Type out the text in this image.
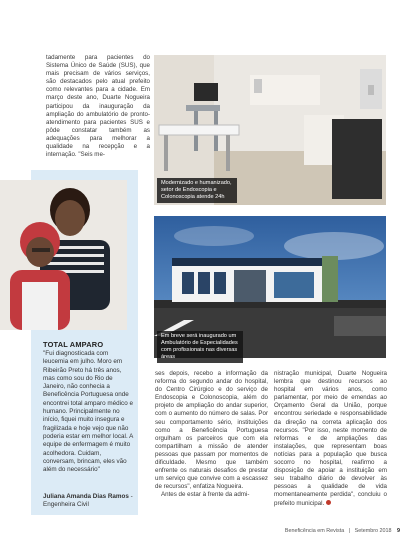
tadamente para pacientes do Sistema Único de Saúde (SUS), que mais precisam de vários serviços, são destacados pelo atual prefeito como relevantes para a cidade. Em março deste ano, Duarte Nogueira participou da inauguração da ampliação do ambulatório de pronto-atendimento para pacientes SUS e pôde constatar também as adequações para melhorar a qualidade na recepção e a internação. "Seis me-
Modernizado e humanizado, setor de Endoscopia e Colonoscopia atende 24h
TOTAL AMPARO
"Fui diagnosticada com leucemia em julho. Moro em Ribeirão Preto há três anos, mas como sou do Rio de Janeiro, não conhecia a Beneficência Portuguesa onde encontrei total amparo médico e humano. Principalmente no início, fiquei muito insegura e fragilizada e hoje vejo que não poderia estar em melhor local. A equipe de enfermagem é muito acolhedora. Cuidam, conversam, brincam, eles vão além do necessário"
Juliana Amanda Dias Ramos - Engenheira Civil
Em breve será inaugurado um Ambulatório de Especialidades com profissionais nas diversas áreas
ses depois, recebo a informação da reforma do segundo andar do hospital, do Centro Cirúrgico e do serviço de Endoscopia e Colonoscopia, além do projeto de ampliação do andar superior, com o aumento do número de salas. Por seu comportamento sério, instituições como a Beneficência Portuguesa orgulham os parceiros que com ela compartilham a missão de atender pessoas que passam por momentos de dificuldade. Mesmo que também enfrente os naturais desafios de prestar um serviço que convive com a escassez de recursos", enfatiza Nogueira.
Antes de estar à frente da admi-
nistração municipal, Duarte Nogueira lembra que destinou recursos ao hospital em vários anos, como parlamentar, por meio de emendas ao Orçamento Geral da União, porque encontrou seriedade e responsabilidade da direção na correta aplicação dos recursos. "Por isso, neste momento de reformas e de ampliações das instalações, que representam boas notícias para a população que busca socorro no hospital, reafirmo a disposição de apoiar a instituição em seu trabalho diário de devolver às pessoas a qualidade de vida momentaneamente perdida", concluiu o prefeito municipal.
Beneficência em Revista | Setembro 2018 9
